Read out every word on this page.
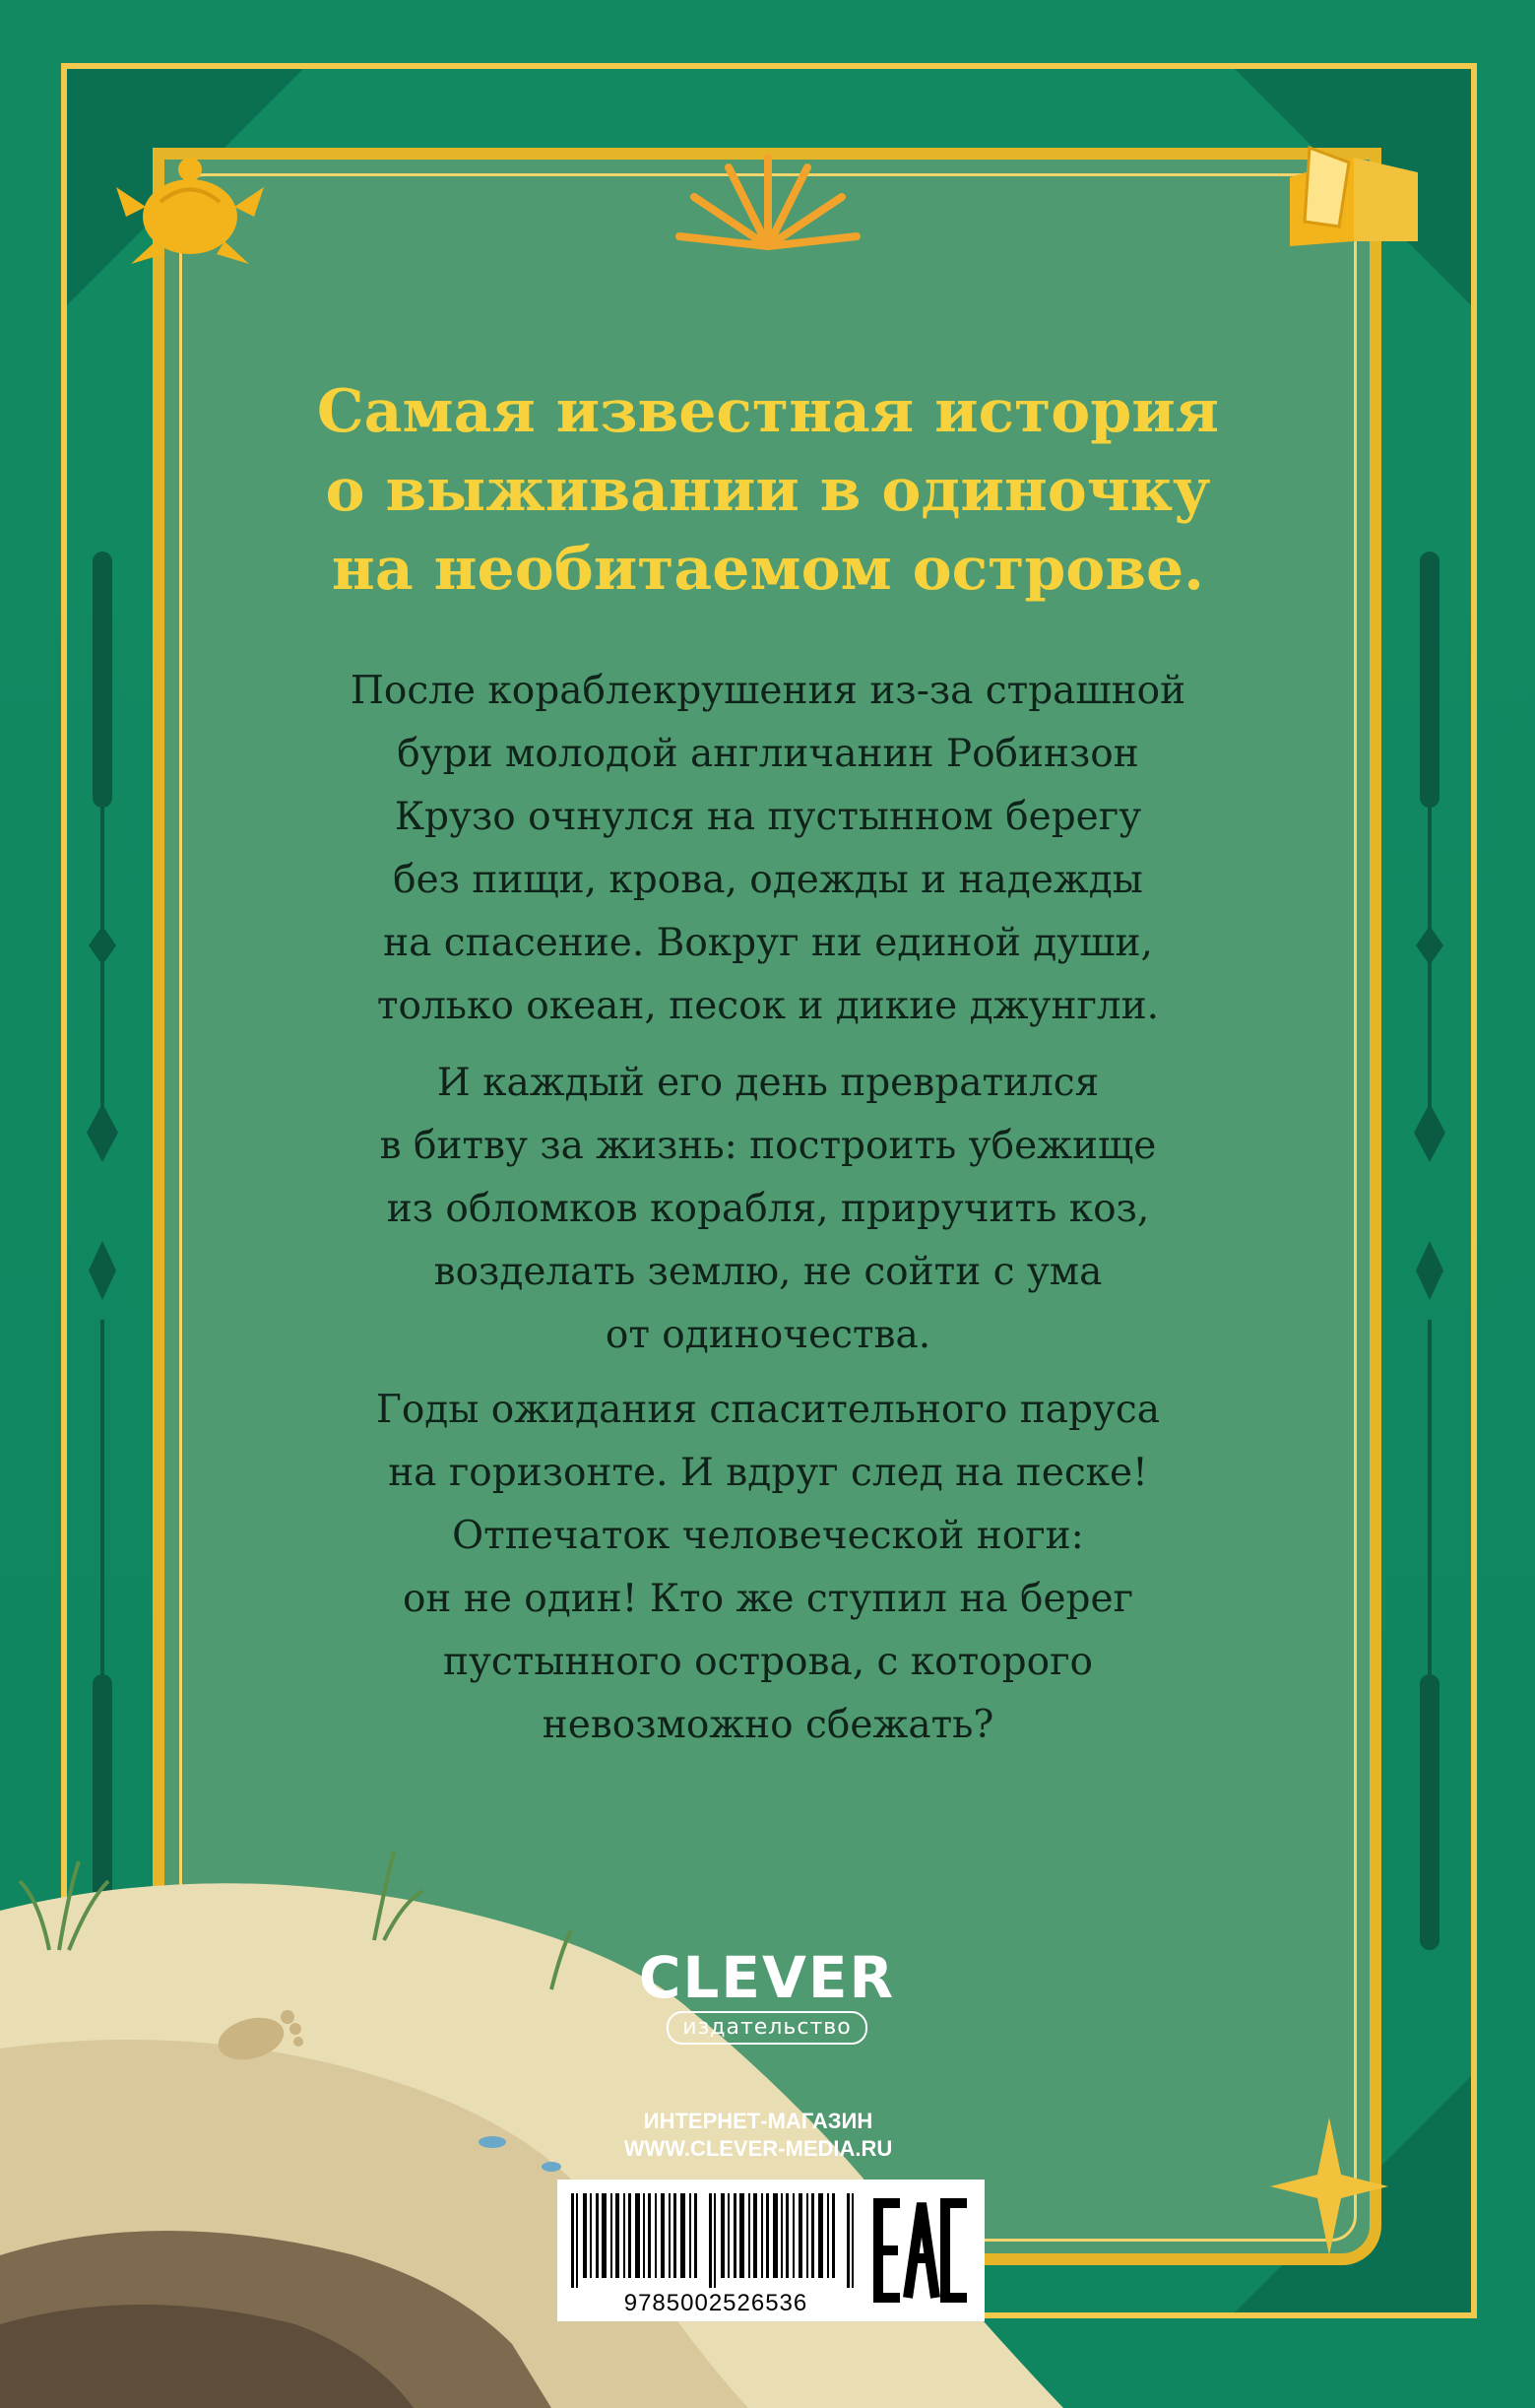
Самая известная история
о выживании в одиночку
на необитаемом острове.
После кораблекрушения из-за страшной
бури молодой англичанин Робинзон
Крузо очнулся на пустынном берегу
без пищи, крова, одежды и надежды
на спасение. Вокруг ни единой души,
только океан, песок и дикие джунгли.
И каждый его день превратился
в битву за жизнь: построить убежище
из обломков корабля, приручить коз,
возделать землю, не сойти с ума
от одиночества.
Годы ожидания спасительного паруса
на горизонте. И вдруг след на песке!
Отпечаток человеческой ноги:
он не один! Кто же ступил на берег
пустынного острова, с которого
невозможно сбежать?
CLEVER
издательство
ИНТЕРНЕТ-МАГАЗИН
WWW.CLEVER-MEDIA.RU
9785002526536
